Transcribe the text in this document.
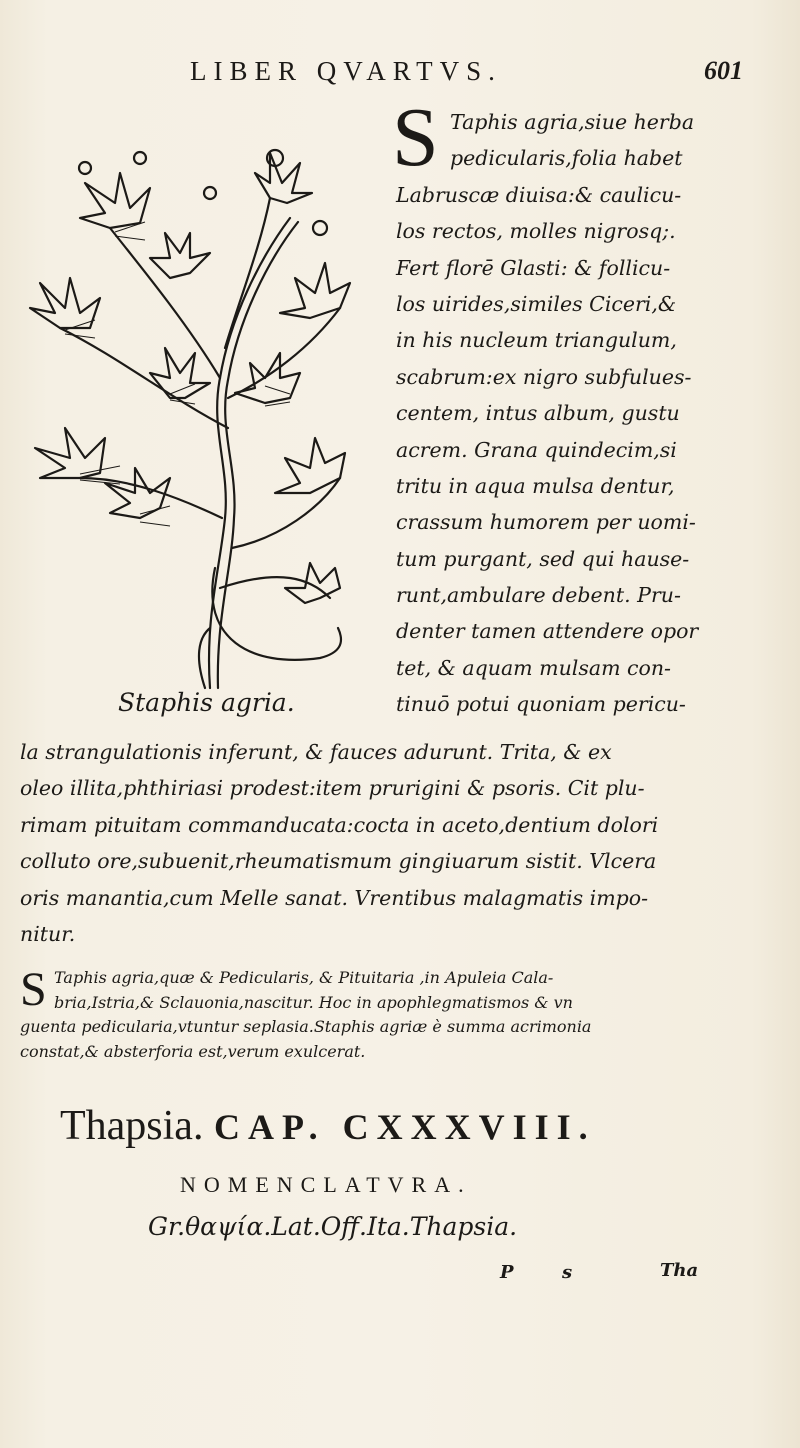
LIBER QVARTVS.	601
Staphis agria.
S Taphis agria,siue herba
pedicularis,folia habet
Labruscæ diuisa:& caulicu-
los rectos, molles nigrosq;.
Fert florē Glasti: & follicu-
los uirides,similes Ciceri,&
in his nucleum triangulum,
scabrum:ex nigro subfulues-
centem, intus album, gustu
acrem. Grana quindecim,si
tritu in aqua mulsa dentur,
crassum humorem per uomi-
tum purgant, sed qui hause-
runt,ambulare debent. Pru-
denter tamen attendere opor
tet, & aquam mulsam con-
tinuō potui quoniam pericu-
la strangulationis inferunt, & fauces adurunt. Trita, & ex
oleo illita,phthiriasi prodest:item prurigini & psoris. Cit plu-
rimam pituitam commanducata:cocta in aceto,dentium dolori
colluto ore,subuenit,rheumatismum gingiuarum sistit. Vlcera
oris manantia,cum Melle sanat. Vrentibus malagmatis impo-
nitur.
S Taphis agria,quæ & Pedicularis, & Pituitaria ,in Apuleia Cala-
bria,Istria,& Sclauonia,nascitur. Hoc in apophlegmatismos & vn
guenta pedicularia,vtuntur seplasia.Staphis agriæ è summa acrimonia
constat,& absterforia est,verum exulcerat.
Thapsia. CAP. CXXXVIII.
NOMENCLATVRA.
Gr.θαψία.Lat.Off.Ita.Thapsia.
P	s	Tha
